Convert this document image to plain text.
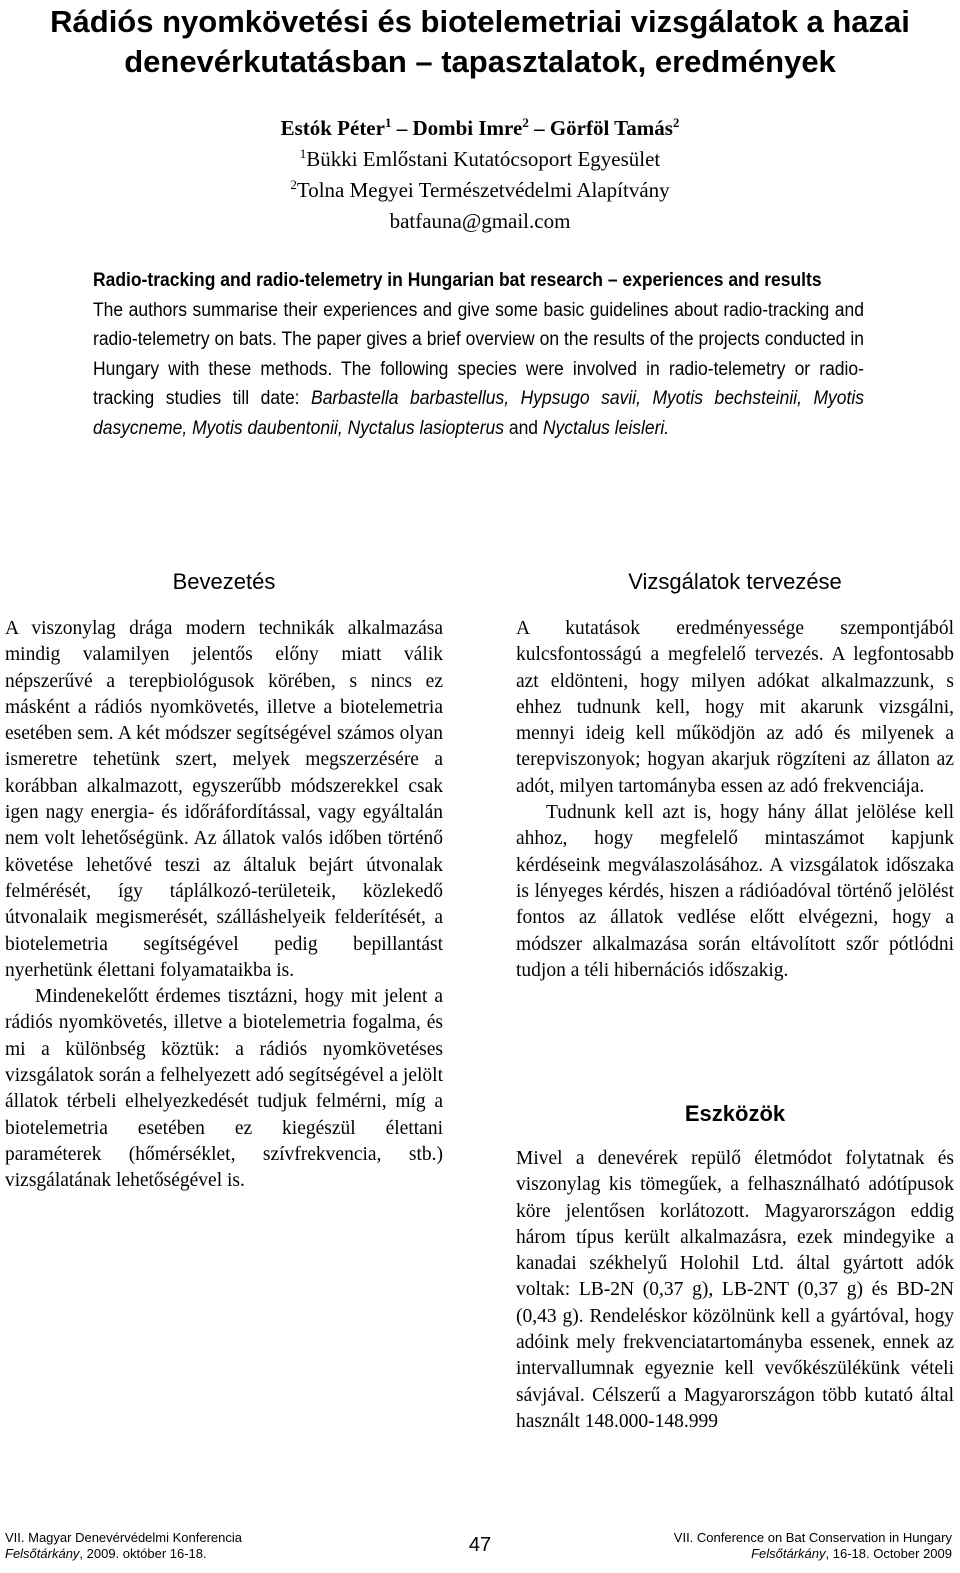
Rádiós nyomkövetési és biotelemetriai vizsgálatok a hazai denevérkutatásban – tapasztalatok, eredmények
Estók Péter$^1$ – Dombi Imre$^2$ – Görföl Tamás$^2$
$^1$Bükki Emlőstani Kutatócsoport Egyesület
$^2$Tolna Megyei Természetvédelmi Alapítvány
batfauna@gmail.com

Radio-tracking and radio-telemetry in Hungarian bat research – experiences and results

The authors summarise their experiences and give some basic guidelines about radio-tracking and radio-telemetry on bats. The paper gives a brief overview on the results of the projects conducted in Hungary with these methods. The following species were involved in radio-telemetry or radio-tracking studies till date: Barbastella barbastellus, Hypsugo savii, Myotis bechsteinii, Myotis dasycneme, Myotis daubentonii, Nyctalus lasiopterus and Nyctalus leisleri.

Bevezetés

A viszonylag drága modern technikák alkalmazása mindig valamilyen jelentős előny miatt válik népszerűvé a terepbiológusok körében, s nincs ez másként a rádiós nyomkövetés, illetve a biotelemetria esetében sem. A két módszer segítségével számos olyan ismeretre tehetünk szert, melyek megszerzésére a korábban alkalmazott, egyszerűbb módszerekkel csak igen nagy energia- és időráfordítással, vagy egyáltalán nem volt lehetőségünk. Az állatok valós időben történő követése lehetővé teszi az általuk bejárt útvonalak felmérését, így táplálkozó-területeik, közlekedő útvonalaik megismerését, szálláshelyeik felderítését, a biotelemetria segítségével pedig bepillantást nyerhetünk élettani folyamataikba is.

Mindenekelőtt érdemes tisztázni, hogy mit jelent a rádiós nyomkövetés, illetve a biotelemetria fogalma, és mi a különbség köztük: a rádiós nyomkövetéses vizsgálatok során a felhelyezett adó segítségével a jelölt állatok térbeli elhelyezkedését tudjuk felmérni, míg a biotelemetria esetében ez kiegészül élettani paraméterek (hőmérséklet, szívfrekvencia, stb.) vizsgálatának lehetőségével is.

Vizsgálatok tervezése

A kutatások eredményessége szempontjából kulcsfontosságú a megfelelő tervezés. A legfontosabb azt eldönteni, hogy milyen adókat alkalmazzunk, s ehhez tudnunk kell, hogy mit akarunk vizsgálni, mennyi ideig kell működjön az adó és milyenek a terepviszonyok; hogyan akarjuk rögzíteni az állaton az adót, milyen tartományba essen az adó frekvenciája.

Tudnunk kell azt is, hogy hány állat jelölése kell ahhoz, hogy megfelelő mintaszámot kapjunk kérdéseink megválaszolásához. A vizsgálatok időszaka is lényeges kérdés, hiszen a rádióadóval történő jelölést fontos az állatok vedlése előtt elvégezni, hogy a módszer alkalmazása során eltávolított szőr pótlódni tudjon a téli hibernációs időszakig.

Eszközök

Mivel a denevérek repülő életmódot folytatnak és viszonylag kis tömegűek, a felhasználható adótípusok köre jelentősen korlátozott. Magyarországon eddig három típus került alkalmazásra, ezek mindegyike a kanadai székhelyű Holohil Ltd. által gyártott adók voltak: LB-2N (0,37 g), LB-2NT (0,37 g) és BD-2N (0,43 g). Rendeléskor közölnünk kell a gyártóval, hogy adóink mely frekvenciatartományba essenek, ennek az intervallumnak egyeznie kell vevőkészülékünk vételi sávjával. Célszerű a Magyarországon több kutató által használt 148.000-148.999

VII. Magyar Denevérvédelmi Konferencia
Felsőtárkány, 2009. október 16-18.	47	VII. Conference on Bat Conservation in Hungary
Felsőtárkány, 16-18. October 2009
